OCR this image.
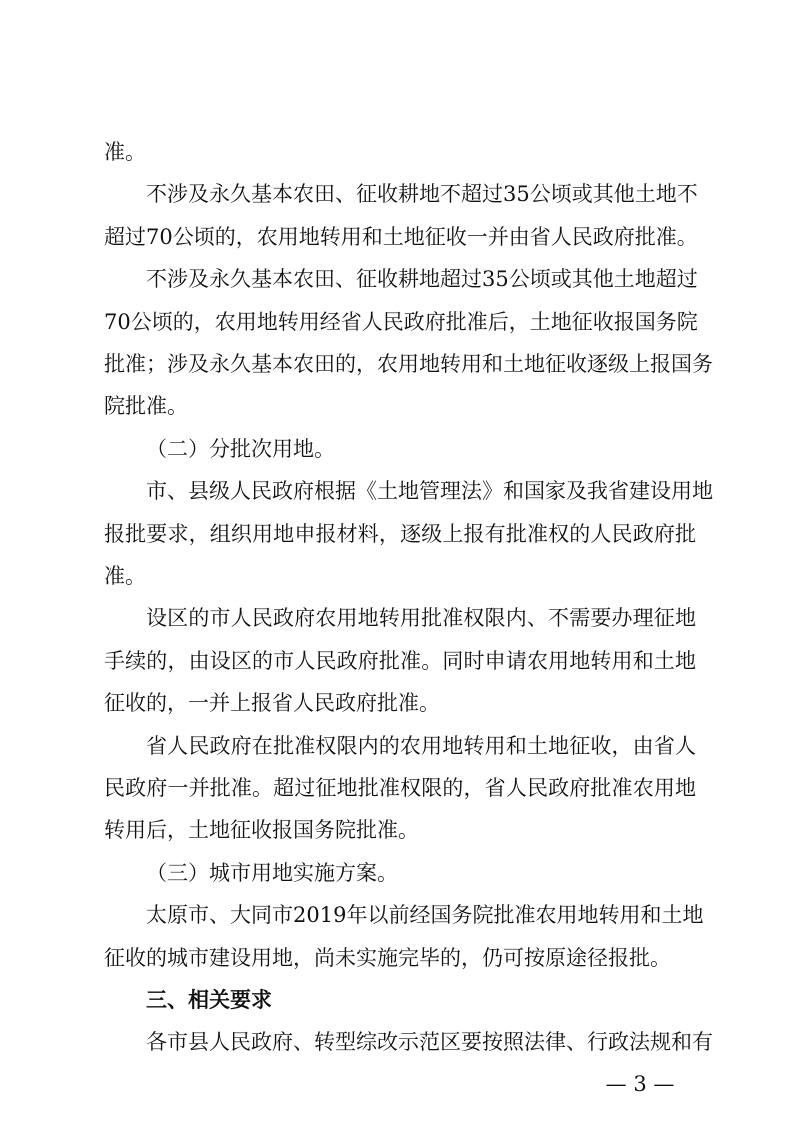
准。
不涉及永久基本农田、征收耕地不超过35公顷或其他土地不
超过70公顷的，农用地转用和土地征收一并由省人民政府批准。
不涉及永久基本农田、征收耕地超过35公顷或其他土地超过
70公顷的，农用地转用经省人民政府批准后，土地征收报国务院
批准；涉及永久基本农田的，农用地转用和土地征收逐级上报国务
院批准。
（二）分批次用地。
市、县级人民政府根据《土地管理法》和国家及我省建设用地
报批要求，组织用地申报材料，逐级上报有批准权的人民政府批
准。
设区的市人民政府农用地转用批准权限内、不需要办理征地
手续的，由设区的市人民政府批准。同时申请农用地转用和土地
征收的，一并上报省人民政府批准。
省人民政府在批准权限内的农用地转用和土地征收，由省人
民政府一并批准。超过征地批准权限的，省人民政府批准农用地
转用后，土地征收报国务院批准。
（三）城市用地实施方案。
太原市、大同市2019年以前经国务院批准农用地转用和土地
征收的城市建设用地，尚未实施完毕的，仍可按原途径报批。
三、相关要求
各市县人民政府、转型综改示范区要按照法律、行政法规和有
— 3 —
